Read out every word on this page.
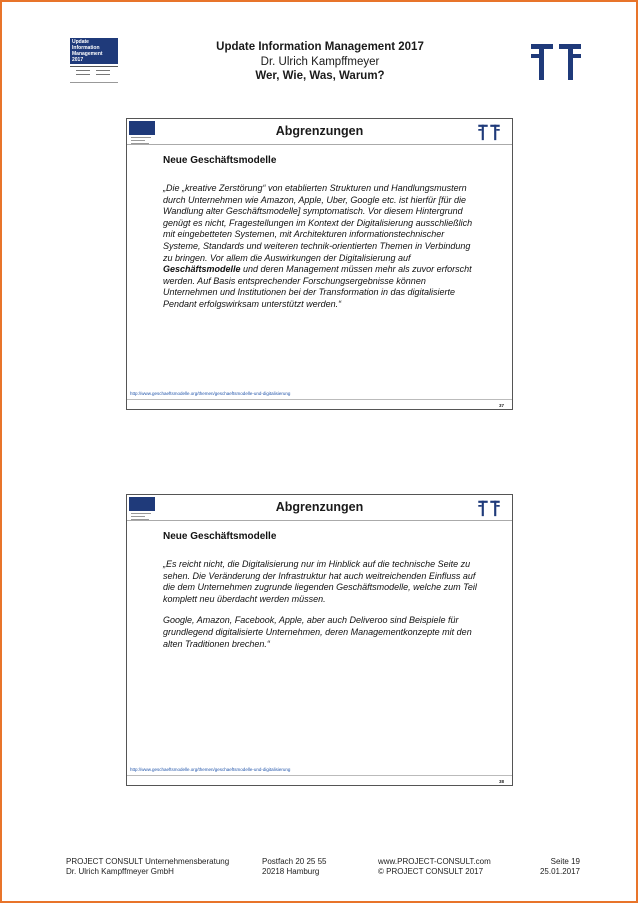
Update
Information
Management
2017
Update Information Management 2017
Dr. Ulrich Kampffmeyer
Wer, Wie, Was, Warum?
Abgrenzungen
Neue Geschäftsmodelle

„Die „kreative Zerstörung“ von etablierten Strukturen und Handlungsmustern durch Unternehmen wie Amazon, Apple, Uber, Google etc. ist hierfür [für die Wandlung alter Geschäftsmodelle] symptomatisch. Vor diesem Hintergrund genügt es nicht, Fragestellungen im Kontext der Digitalisierung ausschließlich mit eingebetteten Systemen, mit Architekturen informationstechnischer Systeme, Standards und weiteren technik-orientierten Themen in Verbindung zu bringen. Vor allem die Auswirkungen der Digitalisierung auf Geschäftsmodelle und deren Management müssen mehr als zuvor erforscht werden. Auf Basis entsprechender Forschungsergebnisse können Unternehmen und Institutionen bei der Transformation in das digitalisierte Pendant erfolgswirksam unterstützt werden.“

http://www.geschaeftsmodelle.org/themen/geschaeftsmodelle-und-digitalisierung
37
Abgrenzungen
Neue Geschäftsmodelle

„Es reicht nicht, die Digitalisierung nur im Hinblick auf die technische Seite zu sehen. Die Veränderung der Infrastruktur hat auch weitreichenden Einfluss auf die dem Unternehmen zugrunde liegenden Geschäftsmodelle, welche zum Teil komplett neu überdacht werden müssen.

Google, Amazon, Facebook, Apple, aber auch Deliveroo sind Beispiele für grundlegend digitalisierte Unternehmen, deren Managementkonzepte mit den alten Traditionen brechen.“

http://www.geschaeftsmodelle.org/themen/geschaeftsmodelle-und-digitalisierung
38
PROJECT CONSULT Unternehmensberatung
Dr. Ulrich Kampffmeyer GmbH
Postfach 20 25 55
20218 Hamburg
www.PROJECT-CONSULT.com
© PROJECT CONSULT 2017
Seite 19
25.01.2017
